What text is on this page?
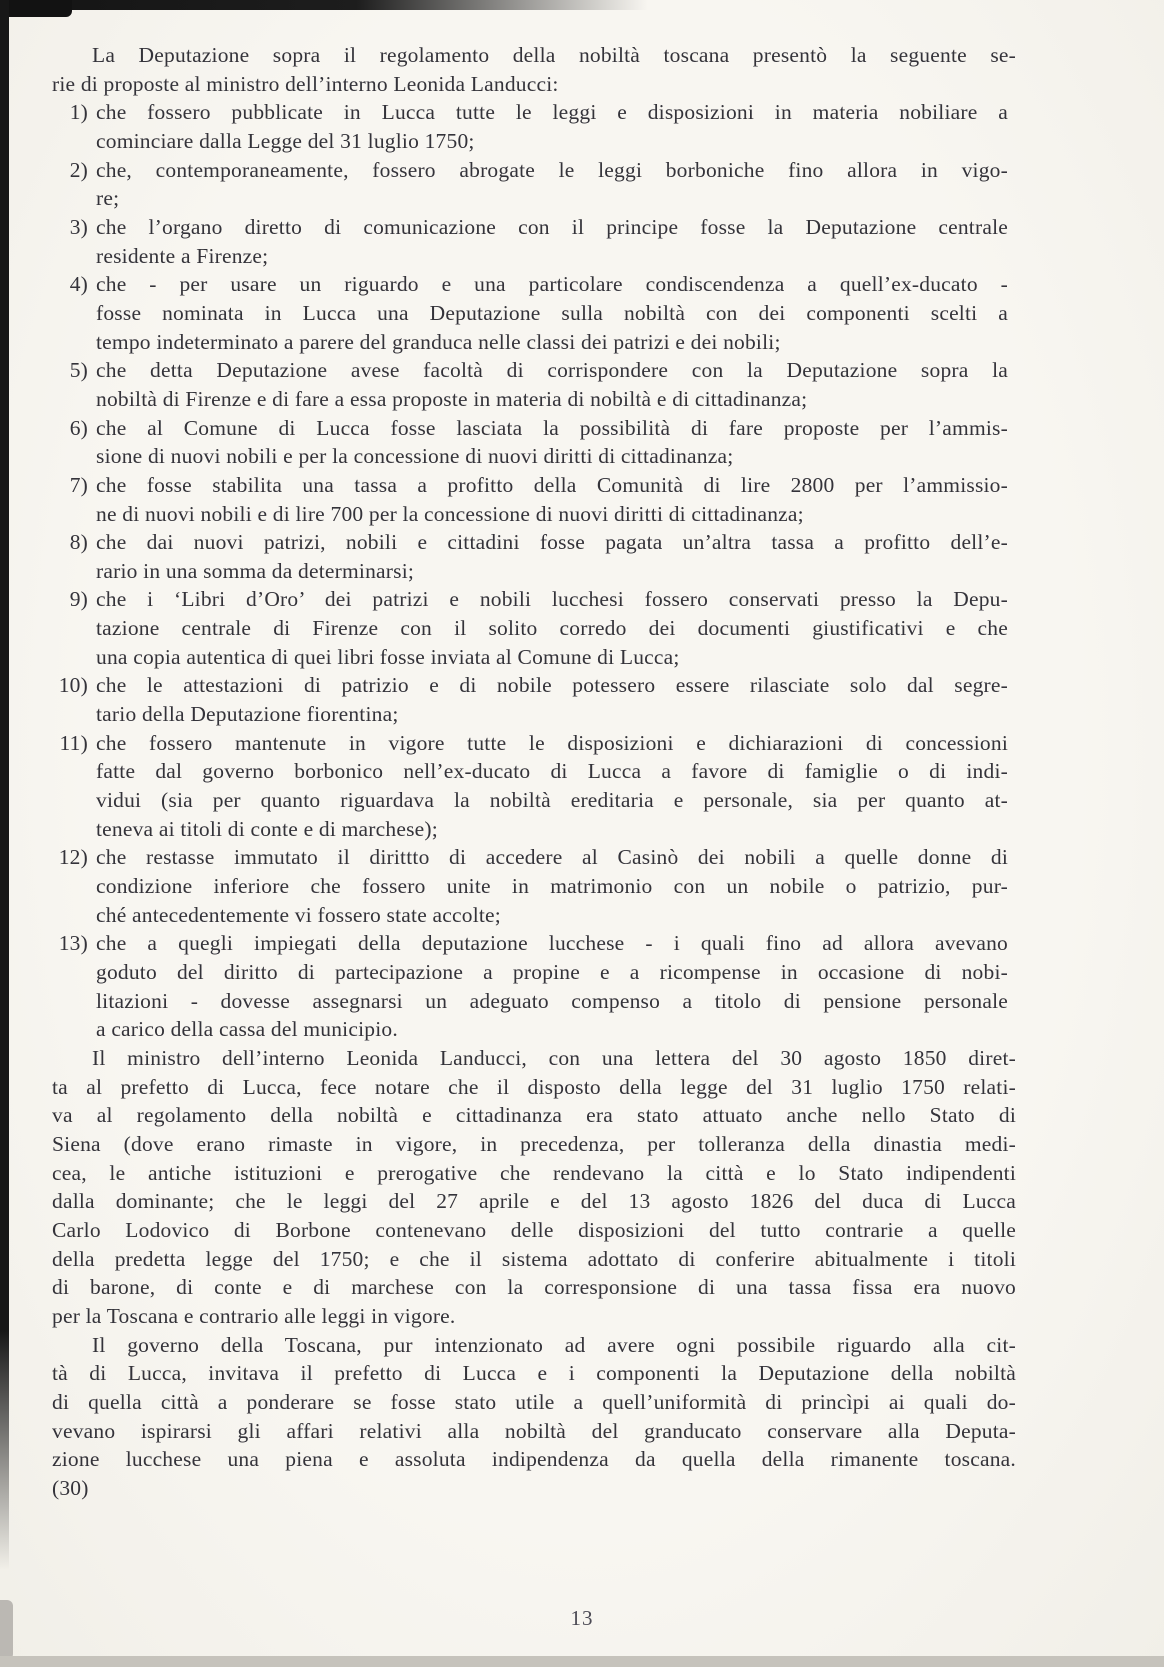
La Deputazione sopra il regolamento della nobiltà toscana presentò la seguente se-
rie di proposte al ministro dell’interno Leonida Landucci:
1) che fossero pubblicate in Lucca tutte le leggi e disposizioni in materia nobiliare a
cominciare dalla Legge del 31 luglio 1750;
2) che, contemporaneamente, fossero abrogate le leggi borboniche fino allora in vigo-
re;
3) che l’organo diretto di comunicazione con il principe fosse la Deputazione centrale
residente a Firenze;
4) che - per usare un riguardo e una particolare condiscendenza a quell’ex-ducato -
fosse nominata in Lucca una Deputazione sulla nobiltà con dei componenti scelti a
tempo indeterminato a parere del granduca nelle classi dei patrizi e dei nobili;
5) che detta Deputazione avese facoltà di corrispondere con la Deputazione sopra la
nobiltà di Firenze e di fare a essa proposte in materia di nobiltà e di cittadinanza;
6) che al Comune di Lucca fosse lasciata la possibilità di fare proposte per l’ammis-
sione di nuovi nobili e per la concessione di nuovi diritti di cittadinanza;
7) che fosse stabilita una tassa a profitto della Comunità di lire 2800 per l’ammissio-
ne di nuovi nobili e di lire 700 per la concessione di nuovi diritti di cittadinanza;
8) che dai nuovi patrizi, nobili e cittadini fosse pagata un’altra tassa a profitto dell’e-
rario in una somma da determinarsi;
9) che i ‘Libri d’Oro’ dei patrizi e nobili lucchesi fossero conservati presso la Depu-
tazione centrale di Firenze con il solito corredo dei documenti giustificativi e che
una copia autentica di quei libri fosse inviata al Comune di Lucca;
10) che le attestazioni di patrizio e di nobile potessero essere rilasciate solo dal segre-
tario della Deputazione fiorentina;
11) che fossero mantenute in vigore tutte le disposizioni e dichiarazioni di concessioni
fatte dal governo borbonico nell’ex-ducato di Lucca a favore di famiglie o di indi-
vidui (sia per quanto riguardava la nobiltà ereditaria e personale, sia per quanto at-
teneva ai titoli di conte e di marchese);
12) che restasse immutato il dirittto di accedere al Casinò dei nobili a quelle donne di
condizione inferiore che fossero unite in matrimonio con un nobile o patrizio, pur-
ché antecedentemente vi fossero state accolte;
13) che a quegli impiegati della deputazione lucchese - i quali fino ad allora avevano
goduto del diritto di partecipazione a propine e a ricompense in occasione di nobi-
litazioni - dovesse assegnarsi un adeguato compenso a titolo di pensione personale
a carico della cassa del municipio.
Il ministro dell’interno Leonida Landucci, con una lettera del 30 agosto 1850 diret-
ta al prefetto di Lucca, fece notare che il disposto della legge del 31 luglio 1750 relati-
va al regolamento della nobiltà e cittadinanza era stato attuato anche nello Stato di
Siena (dove erano rimaste in vigore, in precedenza, per tolleranza della dinastia medi-
cea, le antiche istituzioni e prerogative che rendevano la città e lo Stato indipendenti
dalla dominante; che le leggi del 27 aprile e del 13 agosto 1826 del duca di Lucca
Carlo Lodovico di Borbone contenevano delle disposizioni del tutto contrarie a quelle
della predetta legge del 1750; e che il sistema adottato di conferire abitualmente i titoli
di barone, di conte e di marchese con la corresponsione di una tassa fissa era nuovo
per la Toscana e contrario alle leggi in vigore.
Il governo della Toscana, pur intenzionato ad avere ogni possibile riguardo alla cit-
tà di Lucca, invitava il prefetto di Lucca e i componenti la Deputazione della nobiltà
di quella città a ponderare se fosse stato utile a quell’uniformità di princìpi ai quali do-
vevano ispirarsi gli affari relativi alla nobiltà del granducato conservare alla Deputa-
zione lucchese una piena e assoluta indipendenza da quella della rimanente toscana.
(30)
13
